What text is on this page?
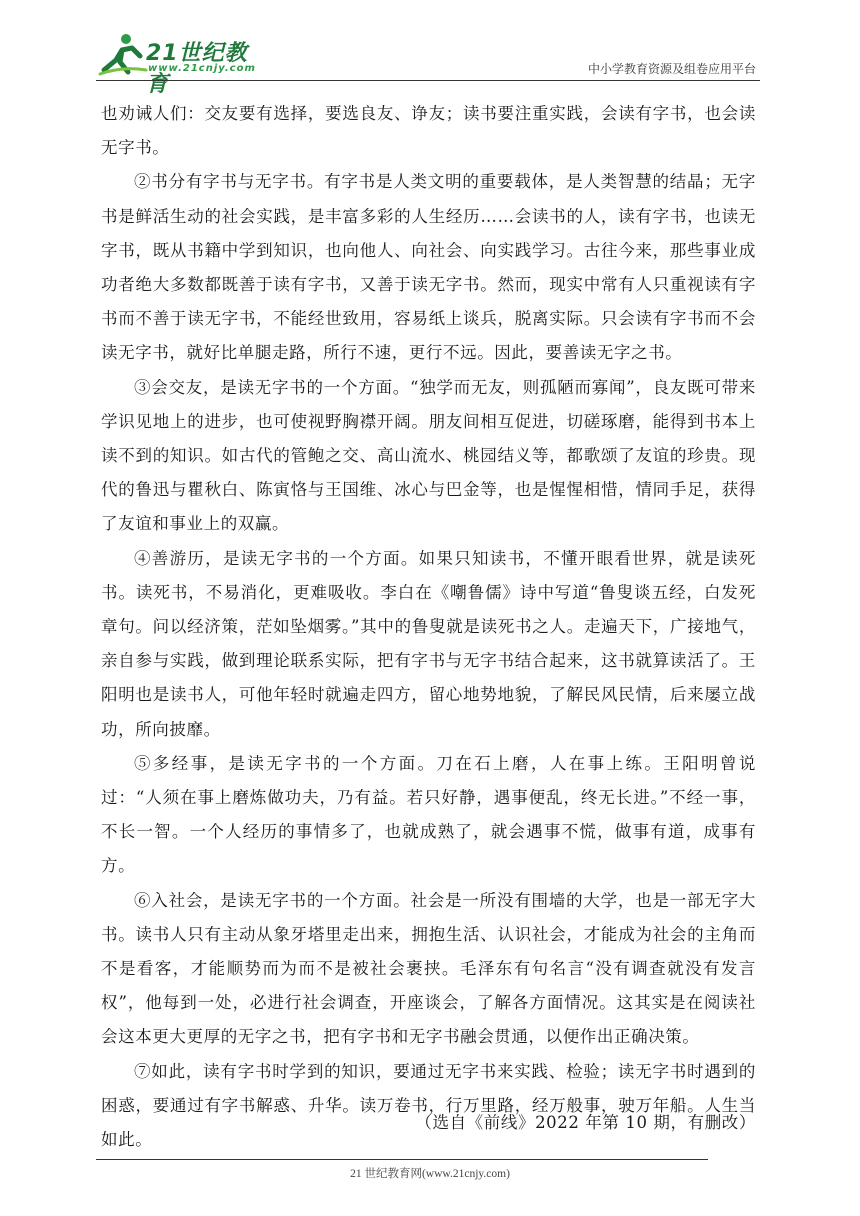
21世纪教育
www.21cnjy.com	中小学教育资源及组卷应用平台

也劝诫人们：交友要有选择，要选良友、诤友；读书要注重实践，会读有字书，也会读无字书。

②书分有字书与无字书。有字书是人类文明的重要载体，是人类智慧的结晶；无字书是鲜活生动的社会实践，是丰富多彩的人生经历……会读书的人，读有字书，也读无字书，既从书籍中学到知识，也向他人、向社会、向实践学习。古往今来，那些事业成功者绝大多数都既善于读有字书，又善于读无字书。然而，现实中常有人只重视读有字书而不善于读无字书，不能经世致用，容易纸上谈兵，脱离实际。只会读有字书而不会读无字书，就好比单腿走路，所行不速，更行不远。因此，要善读无字之书。

③会交友，是读无字书的一个方面。“独学而无友，则孤陋而寡闻”，良友既可带来学识见地上的进步，也可使视野胸襟开阔。朋友间相互促进，切磋琢磨，能得到书本上读不到的知识。如古代的管鲍之交、高山流水、桃园结义等，都歌颂了友谊的珍贵。现代的鲁迅与瞿秋白、陈寅恪与王国维、冰心与巴金等，也是惺惺相惜，情同手足，获得了友谊和事业上的双赢。

④善游历，是读无字书的一个方面。如果只知读书，不懂开眼看世界，就是读死书。读死书，不易消化，更难吸收。李白在《嘲鲁儒》诗中写道“鲁叟谈五经，白发死章句。问以经济策，茫如坠烟雾。”其中的鲁叟就是读死书之人。走遍天下，广接地气，亲自参与实践，做到理论联系实际，把有字书与无字书结合起来，这书就算读活了。王阳明也是读书人，可他年轻时就遍走四方，留心地势地貌，了解民风民情，后来屡立战功，所向披靡。

⑤多经事，是读无字书的一个方面。刀在石上磨，人在事上练。王阳明曾说过：“人须在事上磨炼做功夫，乃有益。若只好静，遇事便乱，终无长进。”不经一事，不长一智。一个人经历的事情多了，也就成熟了，就会遇事不慌，做事有道，成事有方。

⑥入社会，是读无字书的一个方面。社会是一所没有围墙的大学，也是一部无字大书。读书人只有主动从象牙塔里走出来，拥抱生活、认识社会，才能成为社会的主角而不是看客，才能顺势而为而不是被社会裹挟。毛泽东有句名言“没有调查就没有发言权”，他每到一处，必进行社会调查，开座谈会，了解各方面情况。这其实是在阅读社会这本更大更厚的无字之书，把有字书和无字书融会贯通，以便作出正确决策。

⑦如此，读有字书时学到的知识，要通过无字书来实践、检验；读无字书时遇到的困惑，要通过有字书解惑、升华。读万卷书，行万里路，经万般事，驶万年船。人生当如此。

（选自《前线》2022 年第 10 期，有删改）
21 世纪教育网(www.21cnjy.com)
